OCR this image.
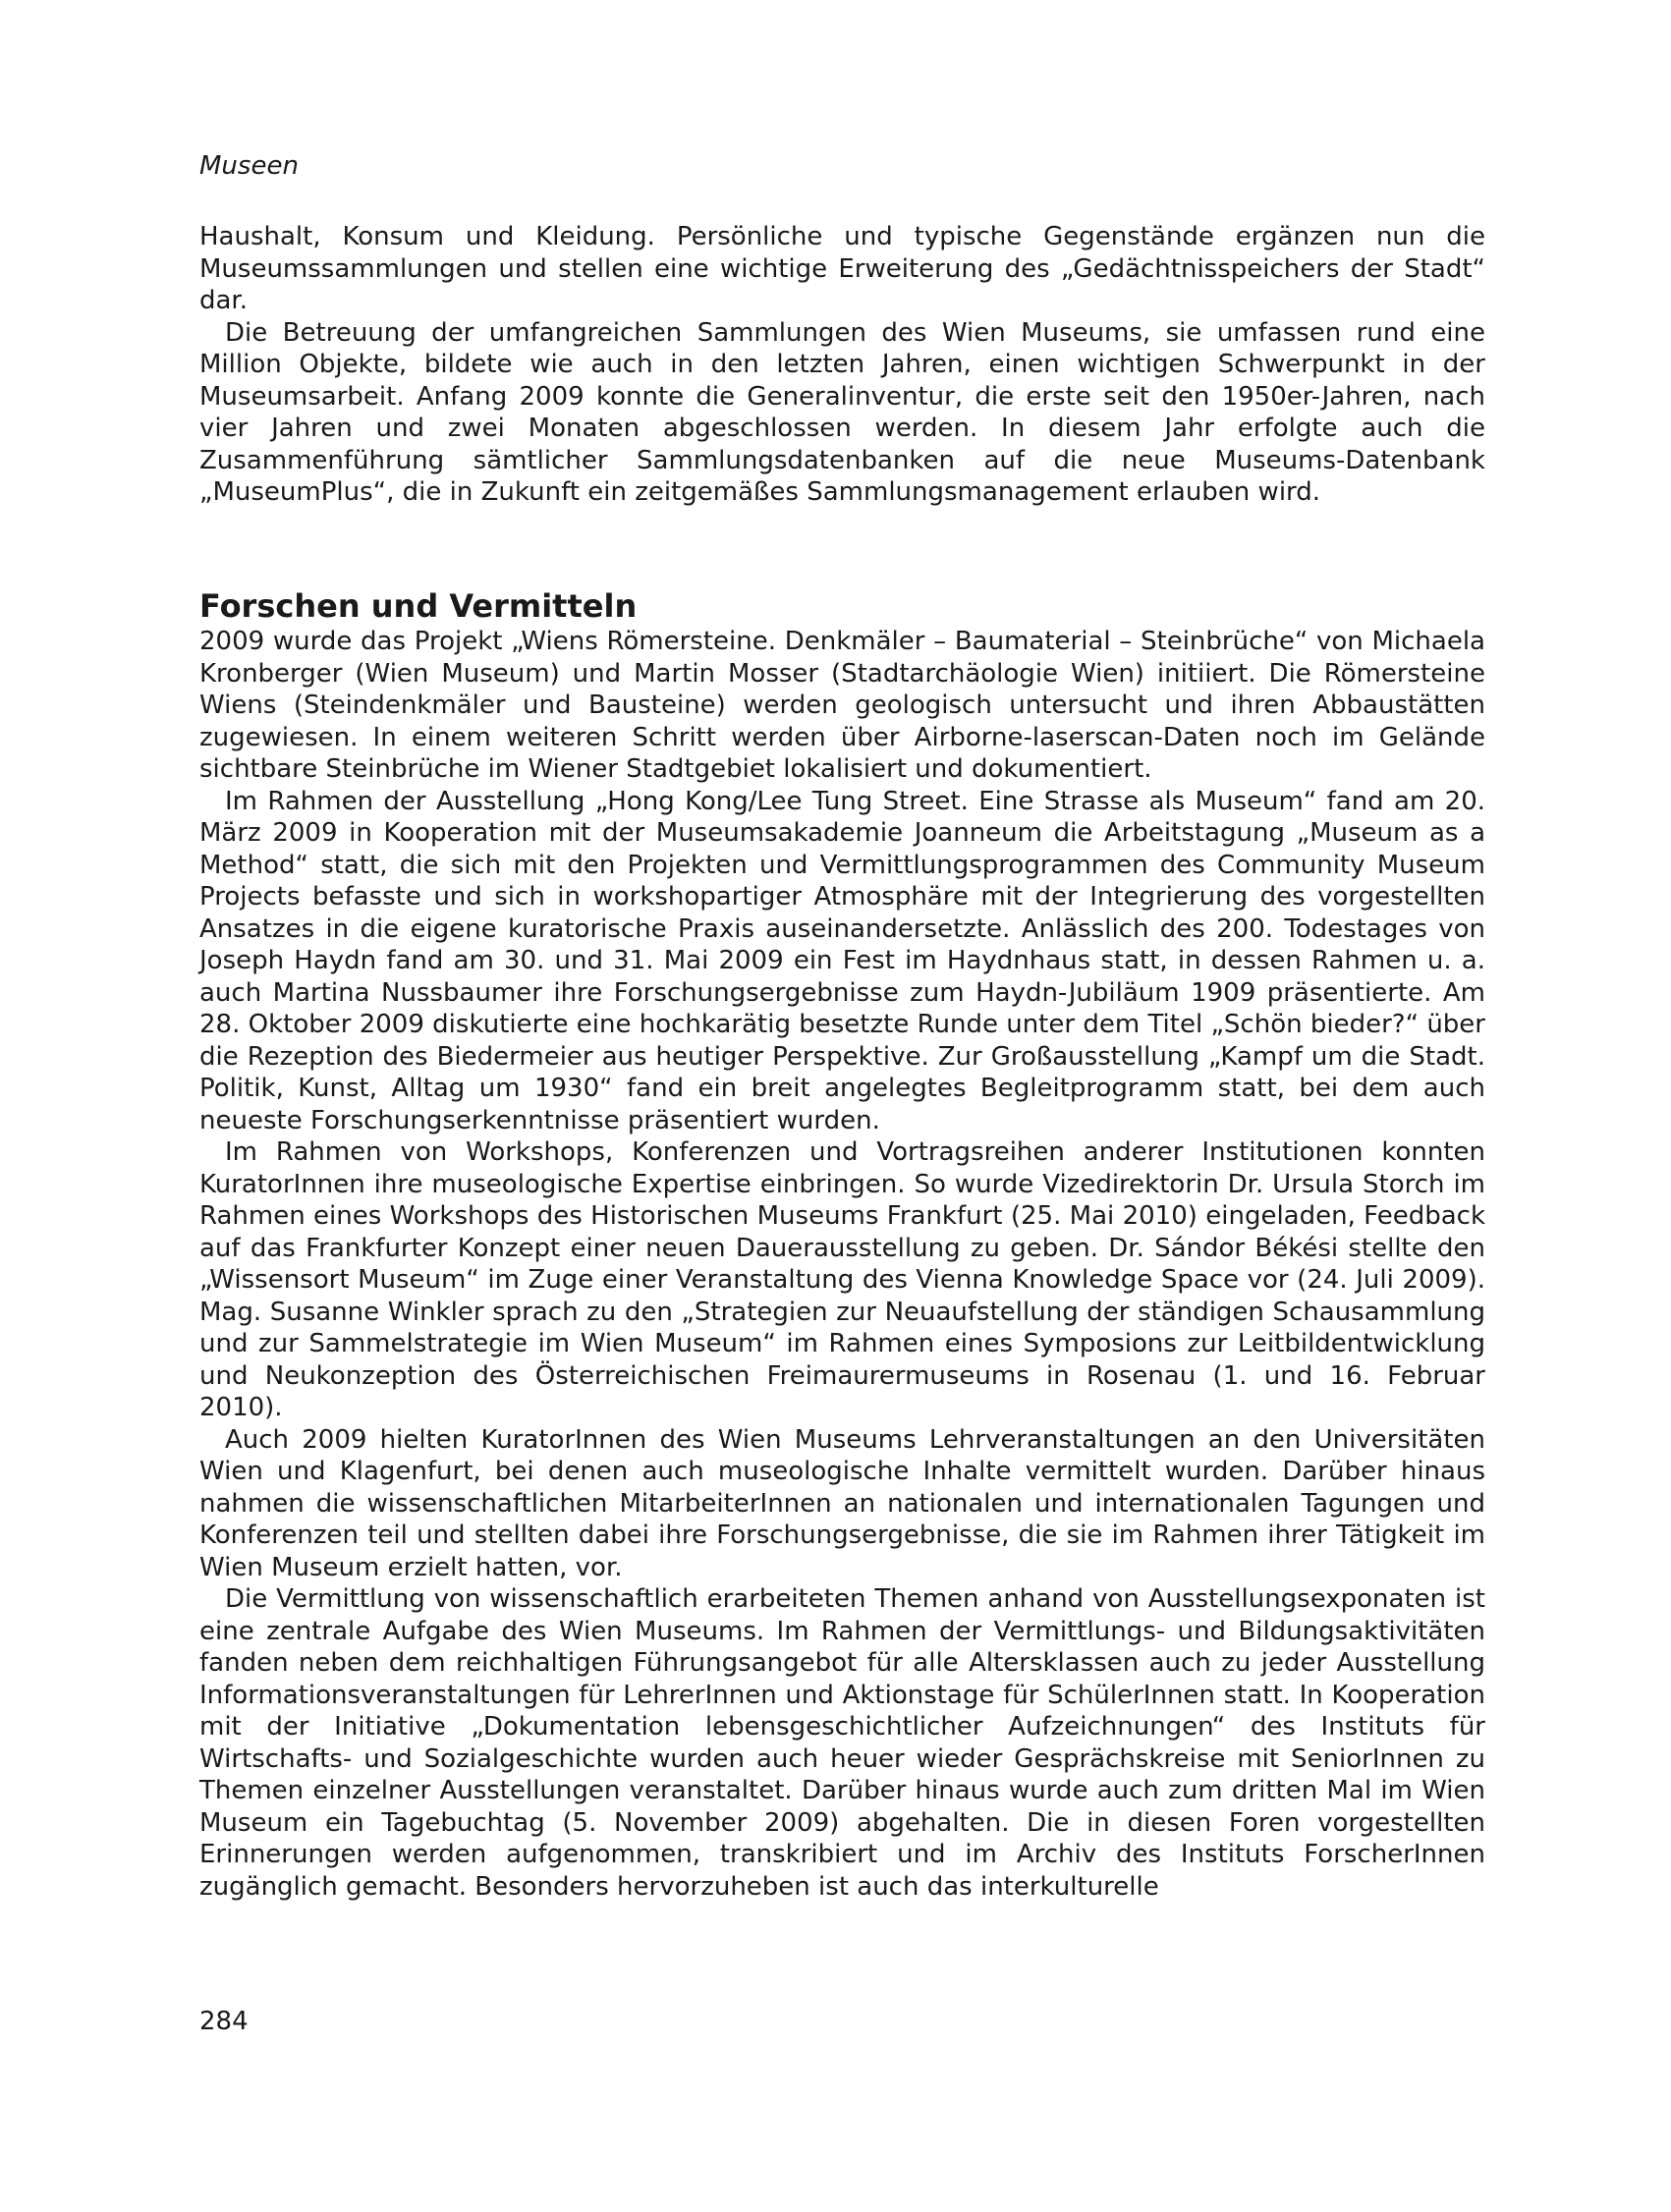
Museen

Haushalt, Konsum und Kleidung. Persönliche und typische Gegenstände ergänzen nun die Museumssammlungen und stellen eine wichtige Erweiterung des „Gedächtnisspeichers der Stadt“ dar.

Die Betreuung der umfangreichen Sammlungen des Wien Museums, sie umfassen rund eine Million Objekte, bildete wie auch in den letzten Jahren, einen wichtigen Schwerpunkt in der Museumsarbeit. Anfang 2009 konnte die Generalinventur, die erste seit den 1950er-Jahren, nach vier Jahren und zwei Monaten abgeschlossen werden. In diesem Jahr erfolgte auch die Zusammenführung sämtlicher Sammlungsdatenbanken auf die neue Museums-Datenbank „MuseumPlus“, die in Zukunft ein zeitgemäßes Sammlungsmanagement erlauben wird.

Forschen und Vermitteln

2009 wurde das Projekt „Wiens Römersteine. Denkmäler – Baumaterial – Steinbrüche“ von Michaela Kronberger (Wien Museum) und Martin Mosser (Stadtarchäologie Wien) initiiert. Die Römersteine Wiens (Steindenkmäler und Bausteine) werden geologisch untersucht und ihren Abbaustätten zugewiesen. In einem weiteren Schritt werden über Airborne-laserscan-Daten noch im Gelände sichtbare Steinbrüche im Wiener Stadtgebiet lokalisiert und dokumentiert.

Im Rahmen der Ausstellung „Hong Kong/Lee Tung Street. Eine Strasse als Museum“ fand am 20. März 2009 in Kooperation mit der Museumsakademie Joanneum die Arbeitstagung „Museum as a Method“ statt, die sich mit den Projekten und Vermittlungsprogrammen des Community Museum Projects befasste und sich in workshopartiger Atmosphäre mit der Integrierung des vorgestellten Ansatzes in die eigene kuratorische Praxis auseinandersetzte. Anlässlich des 200. Todestages von Joseph Haydn fand am 30. und 31. Mai 2009 ein Fest im Haydnhaus statt, in dessen Rahmen u. a. auch Martina Nussbaumer ihre Forschungsergebnisse zum Haydn-Jubiläum 1909 präsentierte. Am 28. Oktober 2009 diskutierte eine hochkarätig besetzte Runde unter dem Titel „Schön bieder?“ über die Rezeption des Biedermeier aus heutiger Perspektive. Zur Großausstellung „Kampf um die Stadt. Politik, Kunst, Alltag um 1930“ fand ein breit angelegtes Begleitprogramm statt, bei dem auch neueste Forschungserkenntnisse präsentiert wurden.

Im Rahmen von Workshops, Konferenzen und Vortragsreihen anderer Institutionen konnten KuratorInnen ihre museologische Expertise einbringen. So wurde Vizedirektorin Dr. Ursula Storch im Rahmen eines Workshops des Historischen Museums Frankfurt (25. Mai 2010) eingeladen, Feedback auf das Frankfurter Konzept einer neuen Dauerausstellung zu geben. Dr. Sándor Békési stellte den „Wissensort Museum“ im Zuge einer Veranstaltung des Vienna Knowledge Space vor (24. Juli 2009). Mag. Susanne Winkler sprach zu den „Strategien zur Neuaufstellung der ständigen Schausammlung und zur Sammelstrategie im Wien Museum“ im Rahmen eines Symposions zur Leitbildentwicklung und Neukonzeption des Österreichischen Freimaurermuseums in Rosenau (1. und 16. Februar 2010).

Auch 2009 hielten KuratorInnen des Wien Museums Lehrveranstaltungen an den Universitäten Wien und Klagenfurt, bei denen auch museologische Inhalte vermittelt wurden. Darüber hinaus nahmen die wissenschaftlichen MitarbeiterInnen an nationalen und internationalen Tagungen und Konferenzen teil und stellten dabei ihre Forschungsergebnisse, die sie im Rahmen ihrer Tätigkeit im Wien Museum erzielt hatten, vor.

Die Vermittlung von wissenschaftlich erarbeiteten Themen anhand von Ausstellungsexponaten ist eine zentrale Aufgabe des Wien Museums. Im Rahmen der Vermittlungs- und Bildungsaktivitäten fanden neben dem reichhaltigen Führungsangebot für alle Altersklassen auch zu jeder Ausstellung Informationsveranstaltungen für LehrerInnen und Aktionstage für SchülerInnen statt. In Kooperation mit der Initiative „Dokumentation lebensgeschichtlicher Aufzeichnungen“ des Instituts für Wirtschafts- und Sozialgeschichte wurden auch heuer wieder Gesprächskreise mit SeniorInnen zu Themen einzelner Ausstellungen veranstaltet. Darüber hinaus wurde auch zum dritten Mal im Wien Museum ein Tagebuchtag (5. November 2009) abgehalten. Die in diesen Foren vorgestellten Erinnerungen werden aufgenommen, transkribiert und im Archiv des Instituts ForscherInnen zugänglich gemacht. Besonders hervorzuheben ist auch das interkulturelle

284
